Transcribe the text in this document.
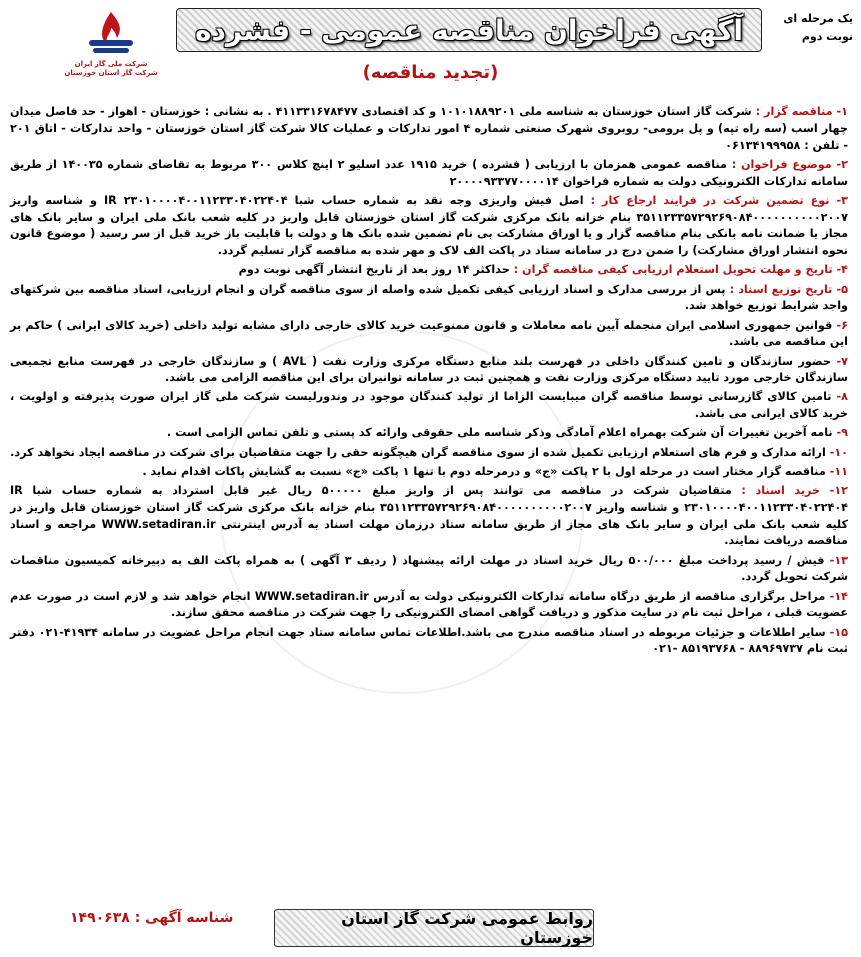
شرکت ملی گاز ایران
شرکت گاز استان خوزستان
آگهی فراخوان مناقصه عمومی - فشرده	یک مرحله ای
نوبت دوم
(تجدید مناقصه)

۱- مناقصه گزار : شرکت گاز استان خوزستان به شناسه ملی ۱۰۱۰۱۸۸۹۲۰۱ و کد اقتصادی ۴۱۱۳۳۱۶۷۸۴۷۷ . به نشانی : خوزستان - اهواز - حد فاصل میدان چهار اسب (سه راه تپه) و پل برومی- روبروی شهرک صنعتی شماره ۴ امور تدارکات و عملیات کالا شرکت گاز استان خوزستان - واحد تدارکات - اتاق ۲۰۱ - تلفن : ۰۶۱۳۴۱۹۹۹۵۸

۲- موضوع فراخوان : مناقصه عمومی همزمان با ارزیابی ( فشرده ) خرید ۱۹۱۵ عدد اسلیو ۲ اینچ کلاس ۳۰۰ مربوط به تقاضای شماره ۱۴۰۰۳۵ از طریق سامانه تدارکات الکترونیکی دولت به شماره فراخوان ۲۰۰۰۰۹۳۳۷۷۰۰۰۰۱۴

۳- نوع تضمین شرکت در فرایند ارجاع کار : اصل فیش واریزی وجه نقد به شماره حساب شبا IR ۲۳۰۱۰۰۰۰۴۰۰۱۱۲۳۳۰۴۰۲۲۴۰۴ و شناسه واریز ۳۵۱۱۲۳۳۵۷۲۹۲۶۹۰۸۴۰۰۰۰۰۰۰۰۰۰۲۰۰۷ بنام خزانه بانک مرکزی شرکت گاز استان خوزستان قابل واریز در کلیه شعب بانک ملی ایران و سایر بانک های مجاز یا ضمانت نامه بانکی بنام مناقصه گزار و یا اوراق مشارکت بی نام تضمین شده بانک ها و دولت با قابلیت باز خرید قبل از سر رسید ( موضوع قانون نحوه انتشار اوراق مشارکت) را ضمن درج در سامانه ستاد در پاکت الف لاک و مهر شده به مناقصه گزار تسلیم گردد.

۴- تاریخ و مهلت تحویل استعلام ارزیابی کیفی مناقصه گران : حداکثر ۱۴ روز بعد از تاریخ انتشار آگهی نوبت دوم

۵- تاریخ توزیع اسناد : پس از بررسی مدارک و اسناد ارزیابی کیفی تکمیل شده واصله از سوی مناقصه گران و انجام ارزیابی، اسناد مناقصه بین شرکتهای واجد شرایط توزیع خواهد شد.

۶- قوانین جمهوری اسلامی ایران منجمله آیین نامه معاملات و قانون ممنوعیت خرید کالای خارجی دارای مشابه تولید داخلی (خرید کالای ایرانی ) حاکم بر این مناقصه می باشد.

۷- حضور سازندگان و تامین کنندگان داخلی در فهرست بلند منابع دستگاه مرکزی وزارت نفت ( AVL ) و سازندگان خارجی در فهرست منابع تجمیعی سازندگان خارجی مورد تایید دستگاه مرکزی وزارت نفت و همچنین ثبت در سامانه توانیران برای این مناقصه الزامی می باشد.

۸- تامین کالای گازرسانی توسط مناقصه گران میبایست الزاما از تولید کنندگان موجود در وندورلیست شرکت ملی گاز ایران صورت پذیرفته و اولویت ، خرید کالای ایرانی می باشد.

۹- نامه آخرین تغییرات آن شرکت بهمراه اعلام آمادگی وذکر شناسه ملی حقوقی وارائه کد پستی و تلفن تماس الزامی است .

۱۰- ارائه مدارک و فرم های استعلام ارزیابی تکمیل شده از سوی مناقصه گران هیچگونه حقی را جهت متقاضیان برای شرکت در مناقصه ایجاد نخواهد کرد.

۱۱- مناقصه گزار مختار است در مرحله اول با ۲ پاکت «ج» و درمرحله دوم با تنها ۱ پاکت «ج» نسبت به گشایش پاکات اقدام نماید .

۱۲- خرید اسناد : متقاضیان شرکت در مناقصه می توانند پس از واریز مبلغ ۵۰۰۰۰۰ ریال غیر قابل استرداد به شماره حساب شبا IR ۲۳۰۱۰۰۰۰۴۰۰۱۱۲۳۳۰۴۰۲۲۴۰۴ و شناسه واریز ۳۵۱۱۲۳۳۵۷۲۹۲۶۹۰۸۴۰۰۰۰۰۰۰۰۰۰۲۰۰۷ بنام خزانه بانک مرکزی شرکت گاز استان خوزستان قابل واریز در کلیه شعب بانک ملی ایران و سایر بانک های مجاز از طریق سامانه ستاد درزمان مهلت اسناد به آدرس اینترنتی WWW.setadiran.ir مراجعه و اسناد مناقصه دریافت نمایند.

۱۳- فیش / رسید پرداخت مبلغ ۵۰۰/۰۰۰ ریال خرید اسناد در مهلت ارائه پیشنهاد ( ردیف ۳ آگهی ) به همراه پاکت الف به دبیرخانه کمیسیون مناقصات شرکت تحویل گردد.

۱۴- مراحل برگزاری مناقصه از طریق درگاه سامانه تدارکات الکترونیکی دولت به آدرس WWW.setadiran.ir انجام خواهد شد و لازم است در صورت عدم عضویت قبلی ، مراحل ثبت نام در سایت مذکور و دریافت گواهی امضای الکترونیکی را جهت شرکت در مناقصه محقق سازند.

۱۵- سایر اطلاعات و جزئیات مربوطه در اسناد مناقصه مندرج می باشد.اطلاعات تماس سامانه ستاد جهت انجام مراحل عضویت در سامانه ۴۱۹۳۴-۰۲۱ دفتر ثبت نام ۸۸۹۶۹۷۳۷ - ۸۵۱۹۳۷۶۸ -۰۲۱

شناسه آگهی : ۱۴۹۰۶۳۸	روابط عمومی شرکت گاز استان خوزستان
